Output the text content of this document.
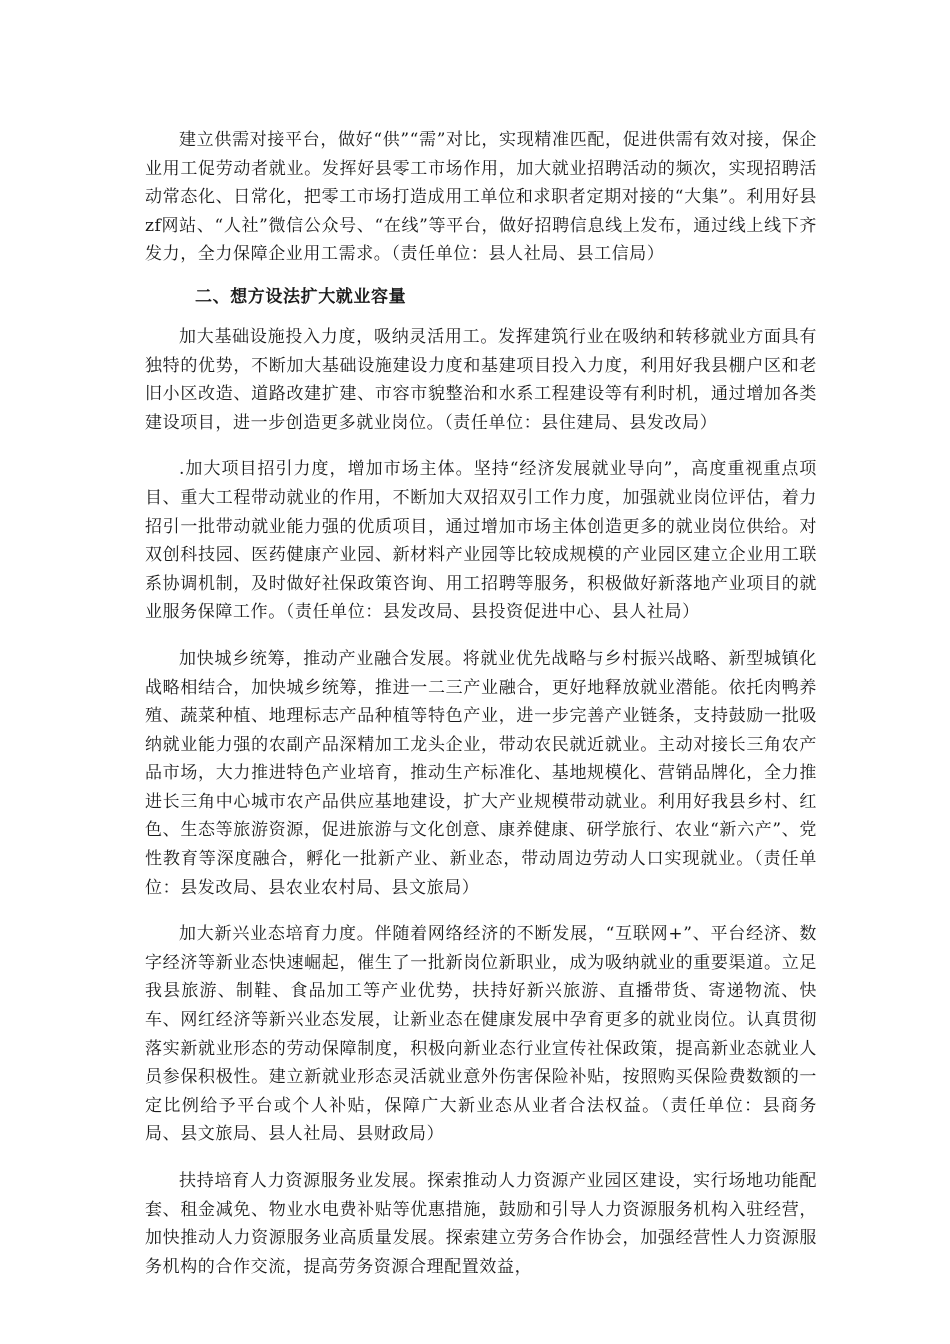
建立供需对接平台，做好“供”“需”对比，实现精准匹配，促进供需有效对接，保企业用工促劳动者就业。发挥好县零工市场作用，加大就业招聘活动的频次，实现招聘活动常态化、日常化，把零工市场打造成用工单位和求职者定期对接的“大集”。利用好县zf网站、“人社”微信公众号、“在线”等平台，做好招聘信息线上发布，通过线上线下齐发力，全力保障企业用工需求。（责任单位：县人社局、县工信局）

二、想方设法扩大就业容量

加大基础设施投入力度，吸纳灵活用工。发挥建筑行业在吸纳和转移就业方面具有独特的优势，不断加大基础设施建设力度和基建项目投入力度，利用好我县棚户区和老旧小区改造、道路改建扩建、市容市貌整治和水系工程建设等有利时机，通过增加各类建设项目，进一步创造更多就业岗位。（责任单位：县住建局、县发改局）

.加大项目招引力度，增加市场主体。坚持“经济发展就业导向”，高度重视重点项目、重大工程带动就业的作用，不断加大双招双引工作力度，加强就业岗位评估，着力招引一批带动就业能力强的优质项目，通过增加市场主体创造更多的就业岗位供给。对双创科技园、医药健康产业园、新材料产业园等比较成规模的产业园区建立企业用工联系协调机制，及时做好社保政策咨询、用工招聘等服务，积极做好新落地产业项目的就业服务保障工作。（责任单位：县发改局、县投资促进中心、县人社局）

加快城乡统筹，推动产业融合发展。将就业优先战略与乡村振兴战略、新型城镇化战略相结合，加快城乡统筹，推进一二三产业融合，更好地释放就业潜能。依托肉鸭养殖、蔬菜种植、地理标志产品种植等特色产业，进一步完善产业链条，支持鼓励一批吸纳就业能力强的农副产品深精加工龙头企业，带动农民就近就业。主动对接长三角农产品市场，大力推进特色产业培育，推动生产标准化、基地规模化、营销品牌化，全力推进长三角中心城市农产品供应基地建设，扩大产业规模带动就业。利用好我县乡村、红色、生态等旅游资源，促进旅游与文化创意、康养健康、研学旅行、农业“新六产”、党性教育等深度融合，孵化一批新产业、新业态，带动周边劳动人口实现就业。（责任单位：县发改局、县农业农村局、县文旅局）

加大新兴业态培育力度。伴随着网络经济的不断发展，“互联网+”、平台经济、数字经济等新业态快速崛起，催生了一批新岗位新职业，成为吸纳就业的重要渠道。立足我县旅游、制鞋、食品加工等产业优势，扶持好新兴旅游、直播带货、寄递物流、快车、网红经济等新兴业态发展，让新业态在健康发展中孕育更多的就业岗位。认真贯彻落实新就业形态的劳动保障制度，积极向新业态行业宣传社保政策，提高新业态就业人员参保积极性。建立新就业形态灵活就业意外伤害保险补贴，按照购买保险费数额的一定比例给予平台或个人补贴，保障广大新业态从业者合法权益。（责任单位：县商务局、县文旅局、县人社局、县财政局）

扶持培育人力资源服务业发展。探索推动人力资源产业园区建设，实行场地功能配套、租金减免、物业水电费补贴等优惠措施，鼓励和引导人力资源服务机构入驻经营，加快推动人力资源服务业高质量发展。探索建立劳务合作协会，加强经营性人力资源服务机构的合作交流，提高劳务资源合理配置效益，
